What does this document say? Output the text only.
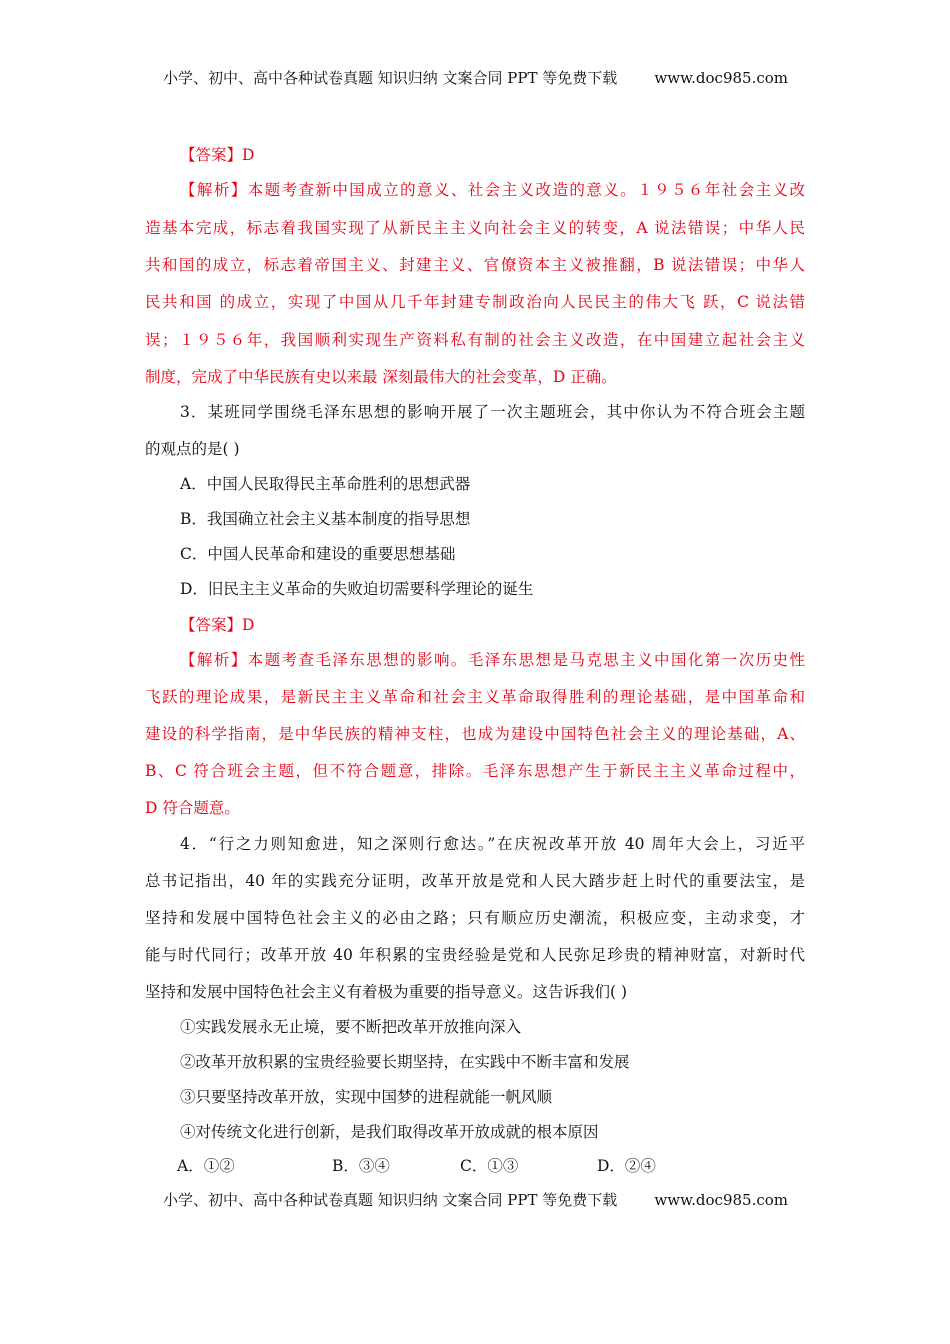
小学、初中、高中各种试卷真题 知识归纳 文案合同 PPT 等免费下载 www.doc985.com
【答案】D
【解析】本题考查新中国成立的意义、社会主义改造的意义。１９５６年社会主义改
造基本完成，标志着我国实现了从新民主主义向社会主义的转变，A 说法错误；中华人民
共和国的成立，标志着帝国主义、封建主义、官僚资本主义被推翻，B 说法错误；中华人
民共和国 的成立，实现了中国从几千年封建专制政治向人民民主的伟大飞 跃，C 说法错
误；１９５６年，我国顺利实现生产资料私有制的社会主义改造，在中国建立起社会主义
制度，完成了中华民族有史以来最 深刻最伟大的社会变革，D 正确。
3．某班同学围绕毛泽东思想的影响开展了一次主题班会，其中你认为不符合班会主题
的观点的是( )
A．中国人民取得民主革命胜利的思想武器
B．我国确立社会主义基本制度的指导思想
C．中国人民革命和建设的重要思想基础
D．旧民主主义革命的失败迫切需要科学理论的诞生
【答案】D
【解析】本题考查毛泽东思想的影响。毛泽东思想是马克思主义中国化第一次历史性
飞跃的理论成果，是新民主主义革命和社会主义革命取得胜利的理论基础，是中国革命和
建设的科学指南，是中华民族的精神支柱，也成为建设中国特色社会主义的理论基础，A、
B、C 符合班会主题，但不符合题意，排除。毛泽东思想产生于新民主主义革命过程中，
D 符合题意。
4．“行之力则知愈进，知之深则行愈达。”在庆祝改革开放 40 周年大会上，习近平
总书记指出，40 年的实践充分证明，改革开放是党和人民大踏步赶上时代的重要法宝，是
坚持和发展中国特色社会主义的必由之路；只有顺应历史潮流，积极应变，主动求变，才
能与时代同行；改革开放 40 年积累的宝贵经验是党和人民弥足珍贵的精神财富，对新时代
坚持和发展中国特色社会主义有着极为重要的指导意义。这告诉我们( )
①实践发展永无止境，要不断把改革开放推向深入
②改革开放积累的宝贵经验要长期坚持，在实践中不断丰富和发展
③只要坚持改革开放，实现中国梦的进程就能一帆风顺
④对传统文化进行创新，是我们取得改革开放成就的根本原因
A．①②	B．③④	C．①③	D．②④
小学、初中、高中各种试卷真题 知识归纳 文案合同 PPT 等免费下载 www.doc985.com
